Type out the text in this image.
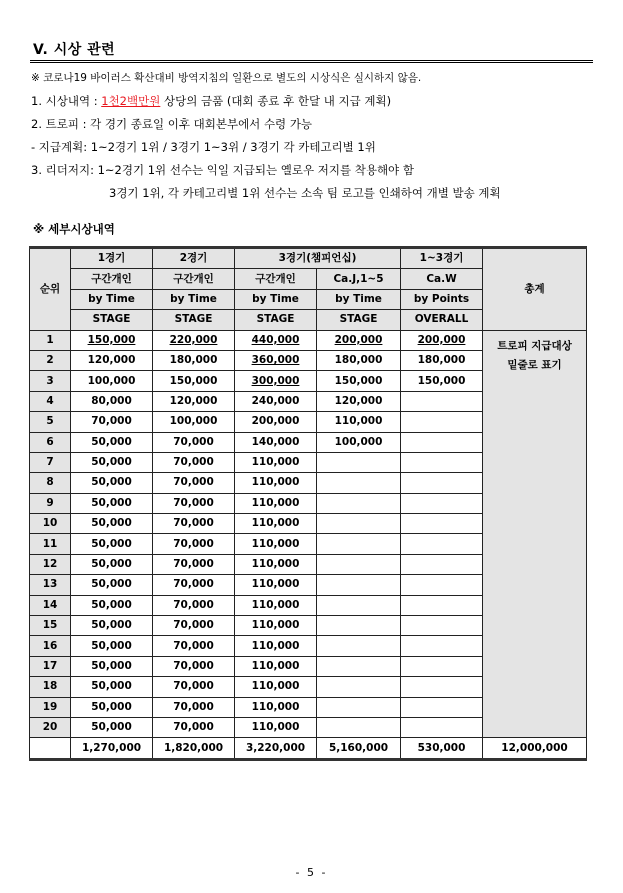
V. 시상 관련
※ 코로나19 바이러스 확산대비 방역지침의 일환으로 별도의 시상식은 실시하지 않음.
1. 시상내역 : 1천2백만원 상당의 금품 (대회 종료 후 한달 내 지급 계획)
2. 트로피 : 각 경기 종료일 이후 대회본부에서 수령 가능
- 지급계획: 1~2경기 1위 / 3경기 1~3위 / 3경기 각 카테고리별 1위
3. 리더저지: 1~2경기 1위 선수는 익일 지급되는 옐로우 저지를 착용해야 함
3경기 1위, 각 카테고리별 1위 선수는 소속 팀 로고를 인쇄하여 개별 발송 계획
※ 세부시상내역
순위	1경기	2경기	3경기(챔피언십)		1~3경기	총계
	구간개인	구간개인	구간개인	Ca.J,1~5	Ca.W	
	by Time	by Time	by Time	by Time	by Points	
	STAGE	STAGE	STAGE	STAGE	OVERALL	
1	150,000	220,000	440,000	200,000	200,000	트로피 지급대상
밑줄로 표기

2	120,000	180,000	360,000	180,000	180,000	
3	100,000	150,000	300,000	150,000	150,000	
4	80,000	120,000	240,000	120,000		
5	70,000	100,000	200,000	110,000		
6	50,000	70,000	140,000	100,000		
7	50,000	70,000	110,000			
8	50,000	70,000	110,000			
9	50,000	70,000	110,000			
10	50,000	70,000	110,000			
11	50,000	70,000	110,000			
12	50,000	70,000	110,000			
13	50,000	70,000	110,000			
14	50,000	70,000	110,000			
15	50,000	70,000	110,000			
16	50,000	70,000	110,000			
17	50,000	70,000	110,000			
18	50,000	70,000	110,000			
19	50,000	70,000	110,000			
20	50,000	70,000	110,000			
	1,270,000	1,820,000	3,220,000	5,160,000	530,000	12,000,000
- 5 -
